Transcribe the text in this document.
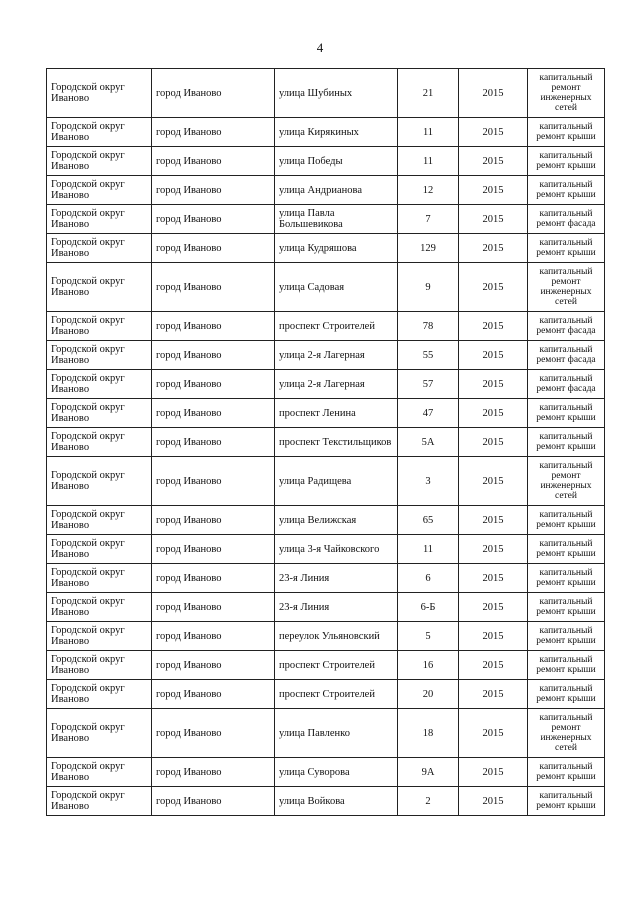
4
Городской округ Иваново	город Иваново	улица Шубиных	21	2015	капитальный ремонт инженерных сетей
Городской округ Иваново	город Иваново	улица Кирякиных	11	2015	капитальный ремонт крыши
Городской округ Иваново	город Иваново	улица Победы	11	2015	капитальный ремонт крыши
Городской округ Иваново	город Иваново	улица Андрианова	12	2015	капитальный ремонт крыши
Городской округ Иваново	город Иваново	улица Павла Большевикова	7	2015	капитальный ремонт фасада
Городской округ Иваново	город Иваново	улица Кудряшова	129	2015	капитальный ремонт крыши
Городской округ Иваново	город Иваново	улица Садовая	9	2015	капитальный ремонт инженерных сетей
Городской округ Иваново	город Иваново	проспект Строителей	78	2015	капитальный ремонт фасада
Городской округ Иваново	город Иваново	улица 2-я Лагерная	55	2015	капитальный ремонт фасада
Городской округ Иваново	город Иваново	улица 2-я Лагерная	57	2015	капитальный ремонт фасада
Городской округ Иваново	город Иваново	проспект Ленина	47	2015	капитальный ремонт крыши
Городской округ Иваново	город Иваново	проспект Текстильщиков	5А	2015	капитальный ремонт крыши
Городской округ Иваново	город Иваново	улица Радищева	3	2015	капитальный ремонт инженерных сетей
Городской округ Иваново	город Иваново	улица Велижская	65	2015	капитальный ремонт крыши
Городской округ Иваново	город Иваново	улица 3-я Чайковского	11	2015	капитальный ремонт крыши
Городской округ Иваново	город Иваново	23-я Линия	6	2015	капитальный ремонт крыши
Городской округ Иваново	город Иваново	23-я Линия	6-Б	2015	капитальный ремонт крыши
Городской округ Иваново	город Иваново	переулок Ульяновский	5	2015	капитальный ремонт крыши
Городской округ Иваново	город Иваново	проспект Строителей	16	2015	капитальный ремонт крыши
Городской округ Иваново	город Иваново	проспект Строителей	20	2015	капитальный ремонт крыши
Городской округ Иваново	город Иваново	улица Павленко	18	2015	капитальный ремонт инженерных сетей
Городской округ Иваново	город Иваново	улица Суворова	9А	2015	капитальный ремонт крыши
Городской округ Иваново	город Иваново	улица Войкова	2	2015	капитальный ремонт крыши
